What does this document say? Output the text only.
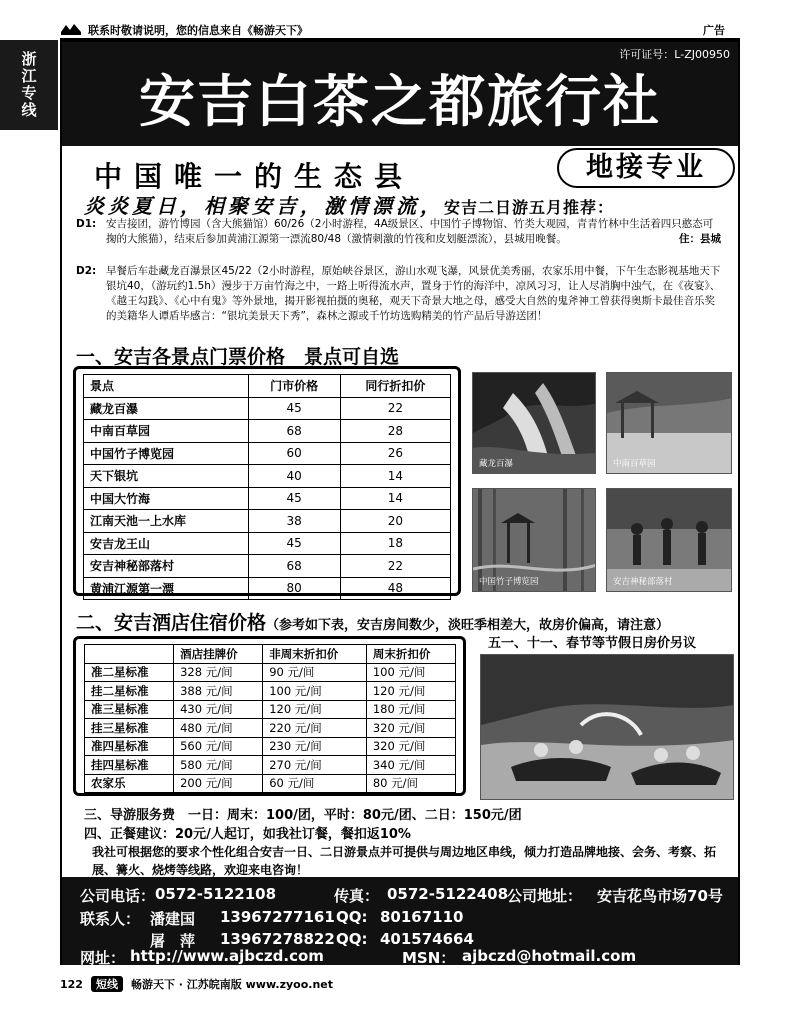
联系时敬请说明，您的信息来自《畅游天下》	广告
浙江专线	许可证号：L-ZJ00950
安吉白茶之都旅行社
中国唯一的生态县	地接专业
炎炎夏日，相聚安吉，激情漂流，安吉二日游五月推荐：
D1: 安吉接团，游竹博园（含大熊猫馆）60/26（2小时游程，4A级景区、中国竹子博物馆、竹类大观园，青青竹林中生活着四只憨态可掬的大熊猫），结束后参加黄浦江源第一漂流80/48（激情刺激的竹筏和皮划艇漂流），县城用晚餐。	住：县城
D2: 早餐后车赴藏龙百瀑景区45/22（2小时游程，原始峡谷景区，游山水观飞瀑，风景优美秀丽，农家乐用中餐，下午生态影视基地天下银坑40，（游玩约1.5h）漫步于万亩竹海之中，一路上听得流水声，置身于竹的海洋中，凉风习习，让人尽消胸中浊气，在《夜宴》、《越王勾践》、《心中有鬼》等外景地，揭开影视拍摄的奥秘，观天下奇景大地之母，感受大自然的鬼斧神工曾获得奥斯卡最佳音乐奖的美籍华人谭盾毕感言：“银坑美景天下秀”，森林之源或千竹坊选购精美的竹产品后导游送团！
一、安吉各景点门票价格　景点可自选
景点	门市价格	同行折扣价
藏龙百瀑	45	22
中南百草园	68	28
中国竹子博览园	60	26
天下银坑	40	14
中国大竹海	45	14
江南天池一上水库	38	20
安吉龙王山	45	18
安吉神秘部落村	68	22
黄浦江源第一漂	80	48
藏龙百瀑	中南百草园
中国竹子博览园	安吉神秘部落村
二、安吉酒店住宿价格（参考如下表，安吉房间数少，淡旺季相差大，故房价偏高，请注意）
	酒店挂牌价	非周末折扣价	周末折扣价
准二星标准	328 元/间	90 元/间	100 元/间
挂二星标准	388 元/间	100 元/间	120 元/间
准三星标准	430 元/间	120 元/间	180 元/间
挂三星标准	480 元/间	220 元/间	320 元/间
准四星标准	560 元/间	230 元/间	320 元/间
挂四星标准	580 元/间	270 元/间	340 元/间
农家乐	200 元/间	60 元/间	80 元/间
五一、十一、春节等节假日房价另议
三、导游服务费　一日：周末：100/团，平时：80元/团、二日：150元/团
四、正餐建议：20元/人起订，如我社订餐，餐扣返10%
我社可根据您的要求个性化组合安吉一日、二日游景点并可提供与周边地区串线，倾力打造品牌地接、会务、考察、拓展、篝火、烧烤等线路，欢迎来电咨询！
公司电话： 0572-5122108	传真： 0572-5122408
公司地址： 安吉花鸟市场70号
联系人： 潘建国 13967277161 QQ: 80167110
屠　萍 13967278822 QQ: 401574664
网址： http://www.ajbczd.com	MSN： ajbczd@hotmail.com
122 短线 畅游天下 · 江苏皖南版 www.zyoo.net
